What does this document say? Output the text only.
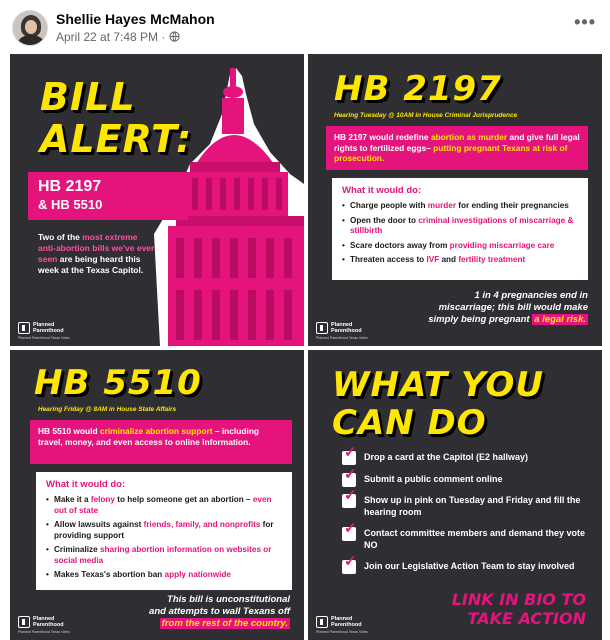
Shellie Hayes McMahon
April 22 at 7:48 PM ·
•••
BILL
ALERT:
HB 2197
& HB 5510
Two of the most extreme anti-abortion bills we've ever seen are being heard this week at the Texas Capitol.
Planned
Parenthood
Planned Parenthood Texas Votes
HB 2197
Hearing Tuesday @ 10AM in House Criminal Jurisprudence
HB 2197 would redefine abortion as murder and give full legal rights to fertilized eggs– putting pregnant Texans at risk of prosecution.
What it would do:
• Charge people with murder for ending their pregnancies
• Open the door to criminal investigations of miscarriage & stillbirth
• Scare doctors away from providing miscarriage care
• Threaten access to IVF and fertility treatment
1 in 4 pregnancies end in
miscarriage; this bill would make
simply being pregnant a legal risk.
Planned
Parenthood
Planned Parenthood Texas Votes
HB 5510
Hearing Friday @ 8AM in House State Affairs
HB 5510 would criminalize abortion support – including travel, money, and even access to online information.
What it would do:
• Make it a felony to help someone get an abortion – even out of state
• Allow lawsuits against friends, family, and nonprofits for providing support
• Criminalize sharing abortion information on websites or social media
• Makes Texas's abortion ban apply nationwide
This bill is unconstitutional
and attempts to wall Texans off
from the rest of the country.
Planned
Parenthood
Planned Parenthood Texas Votes
WHAT YOU
CAN DO
✓
Drop a card at the Capitol (E2 hallway)
✓
Submit a public comment online
✓
Show up in pink on Tuesday and Friday and fill the hearing room
✓
Contact committee members and demand they vote NO
✓
Join our Legislative Action Team to stay involved
LINK IN BIO TO
TAKE ACTION
Planned
Parenthood
Planned Parenthood Texas Votes
